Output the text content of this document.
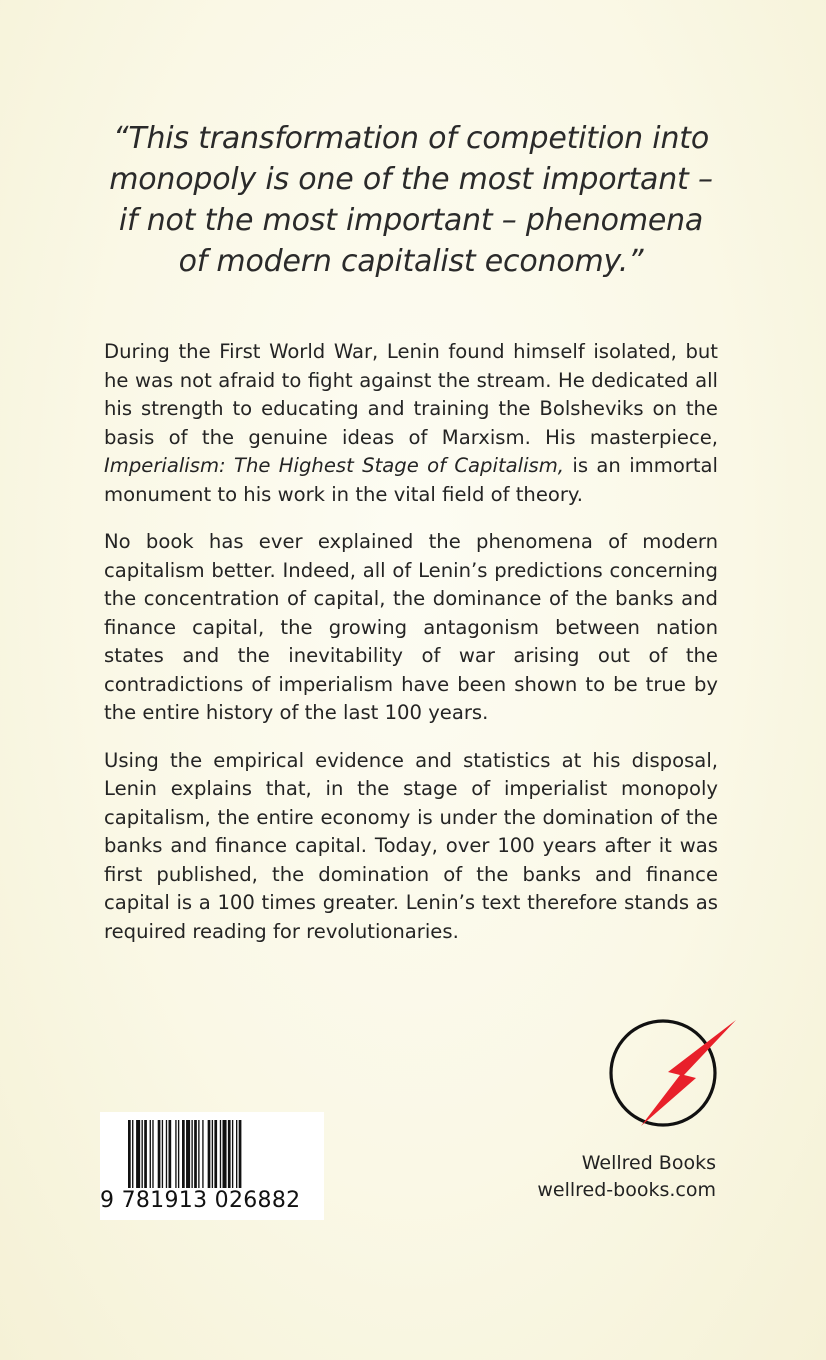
“This transformation of competition into monopoly is one of the most important – if not the most important – phenomena of modern capitalist economy.”

During the First World War, Lenin found himself isolated, but he was not afraid to fight against the stream. He dedicated all his strength to educating and training the Bolsheviks on the basis of the genuine ideas of Marxism. His masterpiece, Imperialism: The Highest Stage of Capitalism, is an immortal monument to his work in the vital field of theory.

No book has ever explained the phenomena of modern capitalism better. Indeed, all of Lenin’s predictions concerning the concentration of capital, the dominance of the banks and finance capital, the growing antagonism between nation states and the inevitability of war arising out of the contradictions of imperialism have been shown to be true by the entire history of the last 100 years.

Using the empirical evidence and statistics at his disposal, Lenin explains that, in the stage of imperialist monopoly capitalism, the entire economy is under the domination of the banks and finance capital. Today, over 100 years after it was first published, the domination of the banks and finance capital is a 100 times greater. Lenin’s text therefore stands as required reading for revolutionaries.

9 781913 026882
Wellred Books
wellred-books.com
